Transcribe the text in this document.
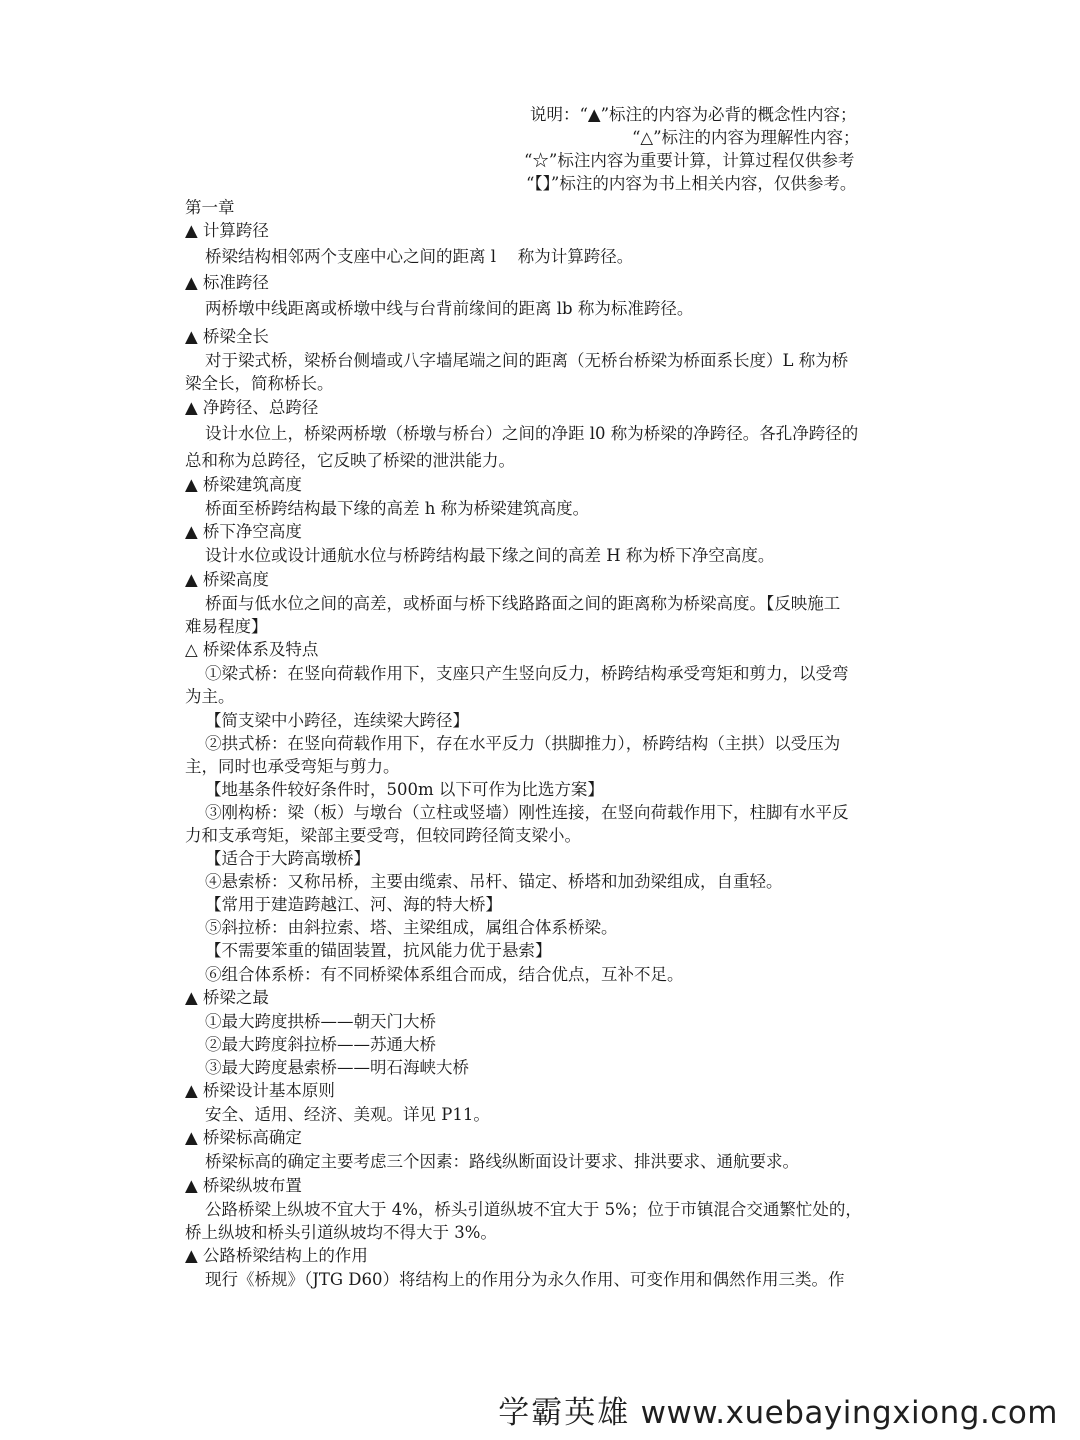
说明：“▲”标注的内容为必背的概念性内容；
“△”标注的内容为理解性内容；
“☆”标注内容为重要计算，计算过程仅供参考
“【】”标注的内容为书上相关内容，仅供参考。
第一章
▲ 计算跨径
桥梁结构相邻两个支座中心之间的距离 l　 称为计算跨径。
▲ 标准跨径
两桥墩中线距离或桥墩中线与台背前缘间的距离 lb 称为标准跨径。
▲ 桥梁全长
对于梁式桥，梁桥台侧墙或八字墙尾端之间的距离（无桥台桥梁为桥面系长度）L 称为桥
梁全长，简称桥长。
▲ 净跨径、总跨径
设计水位上，桥梁两桥墩（桥墩与桥台）之间的净距 l0 称为桥梁的净跨径。各孔净跨径的
总和称为总跨径，它反映了桥梁的泄洪能力。
▲ 桥梁建筑高度
桥面至桥跨结构最下缘的高差 h 称为桥梁建筑高度。
▲ 桥下净空高度
设计水位或设计通航水位与桥跨结构最下缘之间的高差 H 称为桥下净空高度。
▲ 桥梁高度
桥面与低水位之间的高差，或桥面与桥下线路路面之间的距离称为桥梁高度。【反映施工
难易程度】
△ 桥梁体系及特点
①梁式桥：在竖向荷载作用下，支座只产生竖向反力，桥跨结构承受弯矩和剪力，以受弯
为主。
【简支梁中小跨径，连续梁大跨径】
②拱式桥：在竖向荷载作用下，存在水平反力（拱脚推力），桥跨结构（主拱）以受压为
主，同时也承受弯矩与剪力。
【地基条件较好条件时，500m 以下可作为比选方案】
③刚构桥：梁（板）与墩台（立柱或竖墙）刚性连接，在竖向荷载作用下，柱脚有水平反
力和支承弯矩，梁部主要受弯，但较同跨径简支梁小。
【适合于大跨高墩桥】
④悬索桥：又称吊桥，主要由缆索、吊杆、锚定、桥塔和加劲梁组成，自重轻。
【常用于建造跨越江、河、海的特大桥】
⑤斜拉桥：由斜拉索、塔、主梁组成，属组合体系桥梁。
【不需要笨重的锚固装置，抗风能力优于悬索】
⑥组合体系桥：有不同桥梁体系组合而成，结合优点，互补不足。
▲ 桥梁之最
①最大跨度拱桥——朝天门大桥
②最大跨度斜拉桥——苏通大桥
③最大跨度悬索桥——明石海峡大桥
▲ 桥梁设计基本原则
安全、适用、经济、美观。详见 P11。
▲ 桥梁标高确定
桥梁标高的确定主要考虑三个因素：路线纵断面设计要求、排洪要求、通航要求。
▲ 桥梁纵坡布置
公路桥梁上纵坡不宜大于 4%，桥头引道纵坡不宜大于 5%；位于市镇混合交通繁忙处的，
桥上纵坡和桥头引道纵坡均不得大于 3%。
▲ 公路桥梁结构上的作用
现行《桥规》（JTG D60）将结构上的作用分为永久作用、可变作用和偶然作用三类。作
学霸英雄 www.xuebayingxiong.com
